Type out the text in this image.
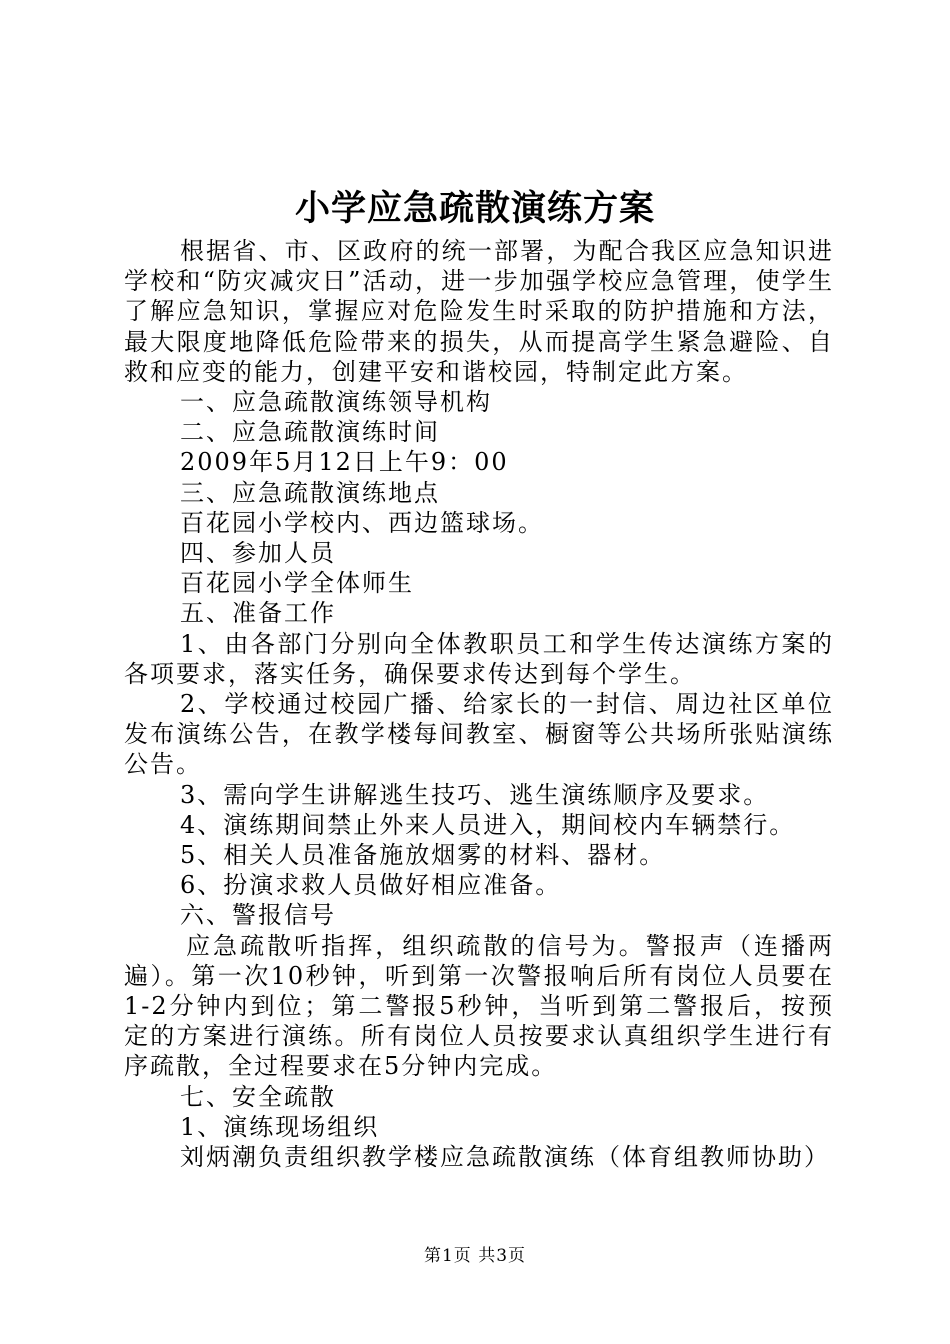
小学应急疏散演练方案

根据省、市、区政府的统一部署，为配合我区应急知识进学校和“防灾减灾日”活动，进一步加强学校应急管理，使学生了解应急知识，掌握应对危险发生时采取的防护措施和方法，最大限度地降低危险带来的损失，从而提高学生紧急避险、自救和应变的能力，创建平安和谐校园，特制定此方案。

一、应急疏散演练领导机构

二、应急疏散演练时间

2009年5月12日上午9：00

三、应急疏散演练地点

百花园小学校内、西边篮球场。

四、参加人员

百花园小学全体师生

五、准备工作

1、由各部门分别向全体教职员工和学生传达演练方案的各项要求，落实任务，确保要求传达到每个学生。

2、学校通过校园广播、给家长的一封信、周边社区单位发布演练公告，在教学楼每间教室、橱窗等公共场所张贴演练公告。

3、需向学生讲解逃生技巧、逃生演练顺序及要求。

4、演练期间禁止外来人员进入，期间校内车辆禁行。

5、相关人员准备施放烟雾的材料、器材。

6、扮演求救人员做好相应准备。

六、警报信号

应急疏散听指挥，组织疏散的信号为。警报声（连播两遍）。第一次10秒钟，听到第一次警报响后所有岗位人员要在1-2分钟内到位；第二警报5秒钟，当听到第二警报后，按预定的方案进行演练。所有岗位人员按要求认真组织学生进行有序疏散，全过程要求在5分钟内完成。

七、安全疏散

1、演练现场组织

刘炳潮负责组织教学楼应急疏散演练（体育组教师协助）

第1页 共3页
